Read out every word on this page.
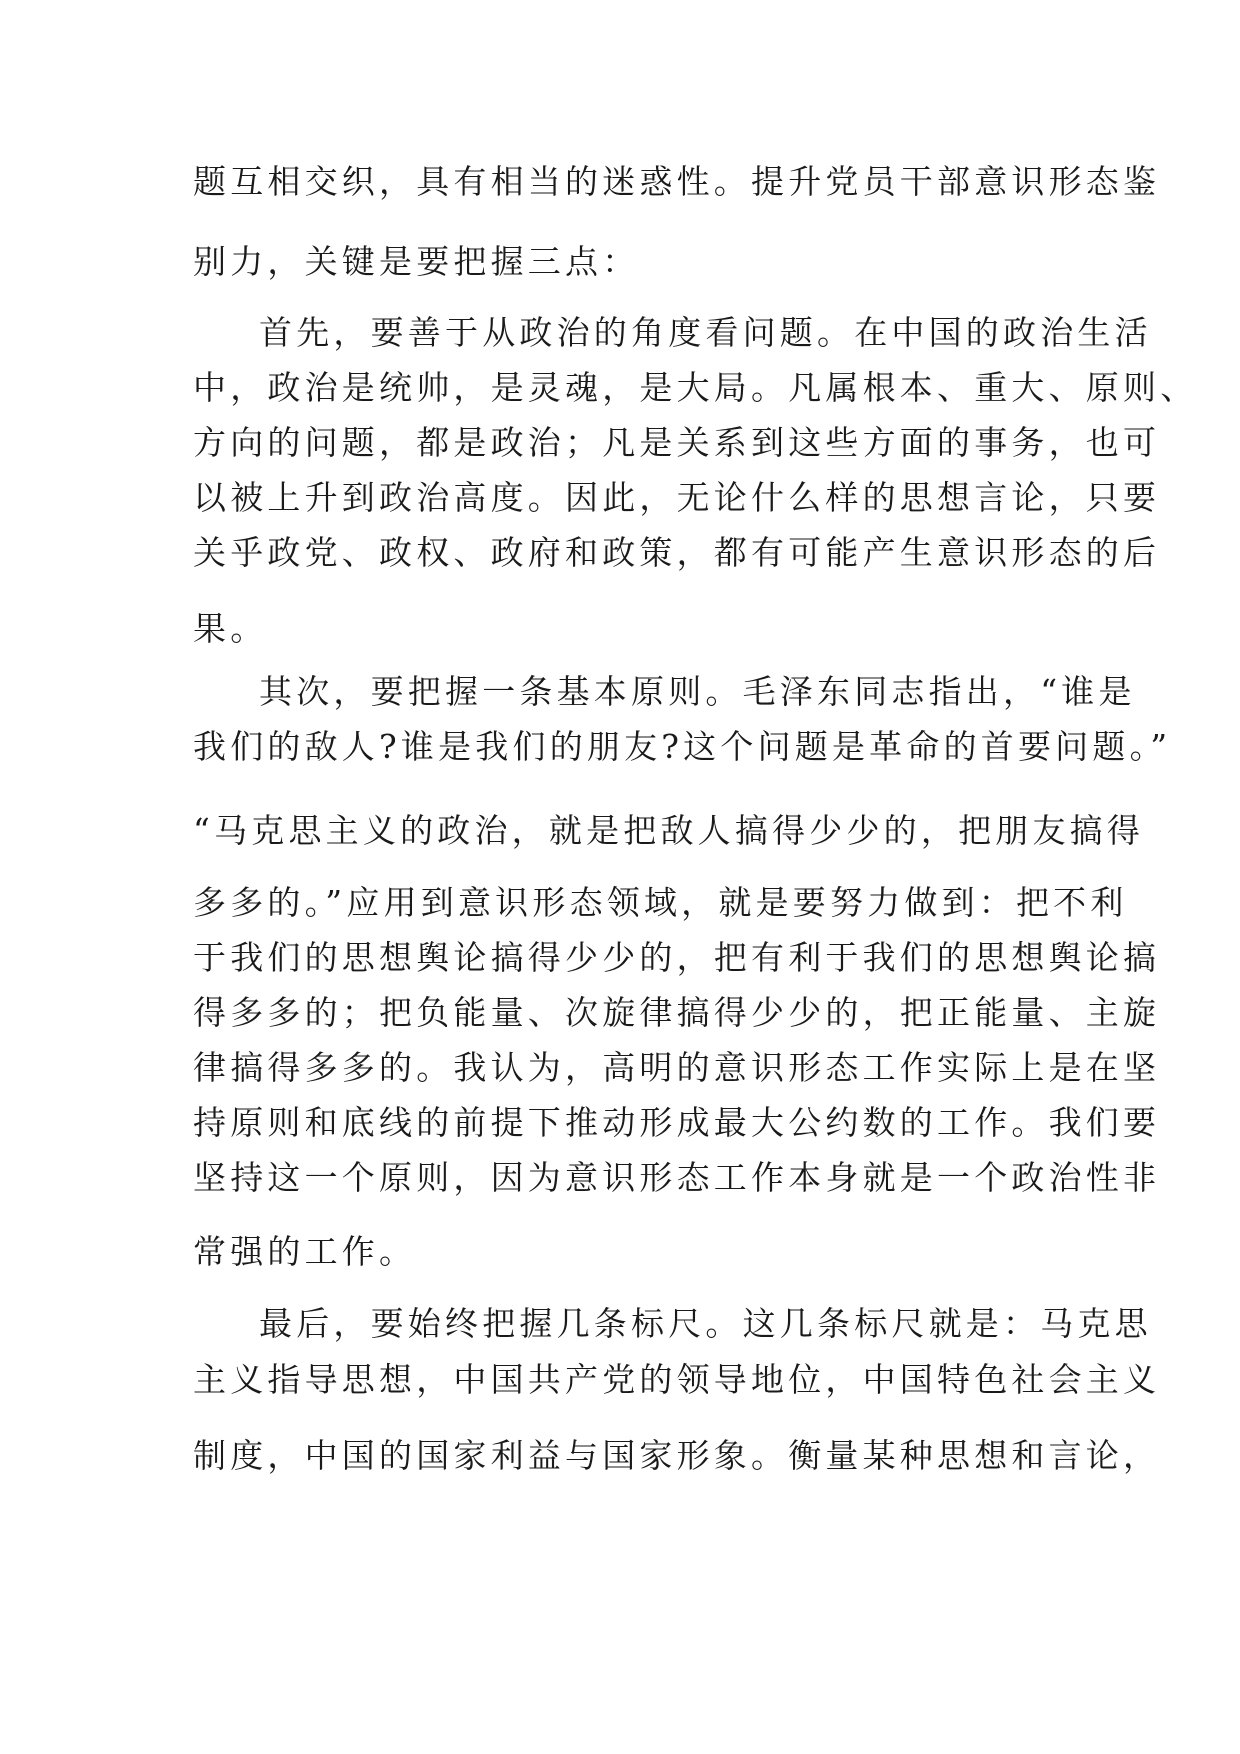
题互相交织，具有相当的迷惑性。提升党员干部意识形态鉴
别力，关键是要把握三点：
首先，要善于从政治的角度看问题。在中国的政治生活
中，政治是统帅，是灵魂，是大局。凡属根本、重大、原则、
方向的问题，都是政治；凡是关系到这些方面的事务，也可
以被上升到政治高度。因此，无论什么样的思想言论，只要
关乎政党、政权、政府和政策，都有可能产生意识形态的后
果。
其次，要把握一条基本原则。毛泽东同志指出，“谁是
我们的敌人?谁是我们的朋友?这个问题是革命的首要问题。”
“马克思主义的政治，就是把敌人搞得少少的，把朋友搞得
多多的。”应用到意识形态领域，就是要努力做到：把不利
于我们的思想舆论搞得少少的，把有利于我们的思想舆论搞
得多多的；把负能量、次旋律搞得少少的，把正能量、主旋
律搞得多多的。我认为，高明的意识形态工作实际上是在坚
持原则和底线的前提下推动形成最大公约数的工作。我们要
坚持这一个原则，因为意识形态工作本身就是一个政治性非
常强的工作。
最后，要始终把握几条标尺。这几条标尺就是：马克思
主义指导思想，中国共产党的领导地位，中国特色社会主义
制度，中国的国家利益与国家形象。衡量某种思想和言论，
